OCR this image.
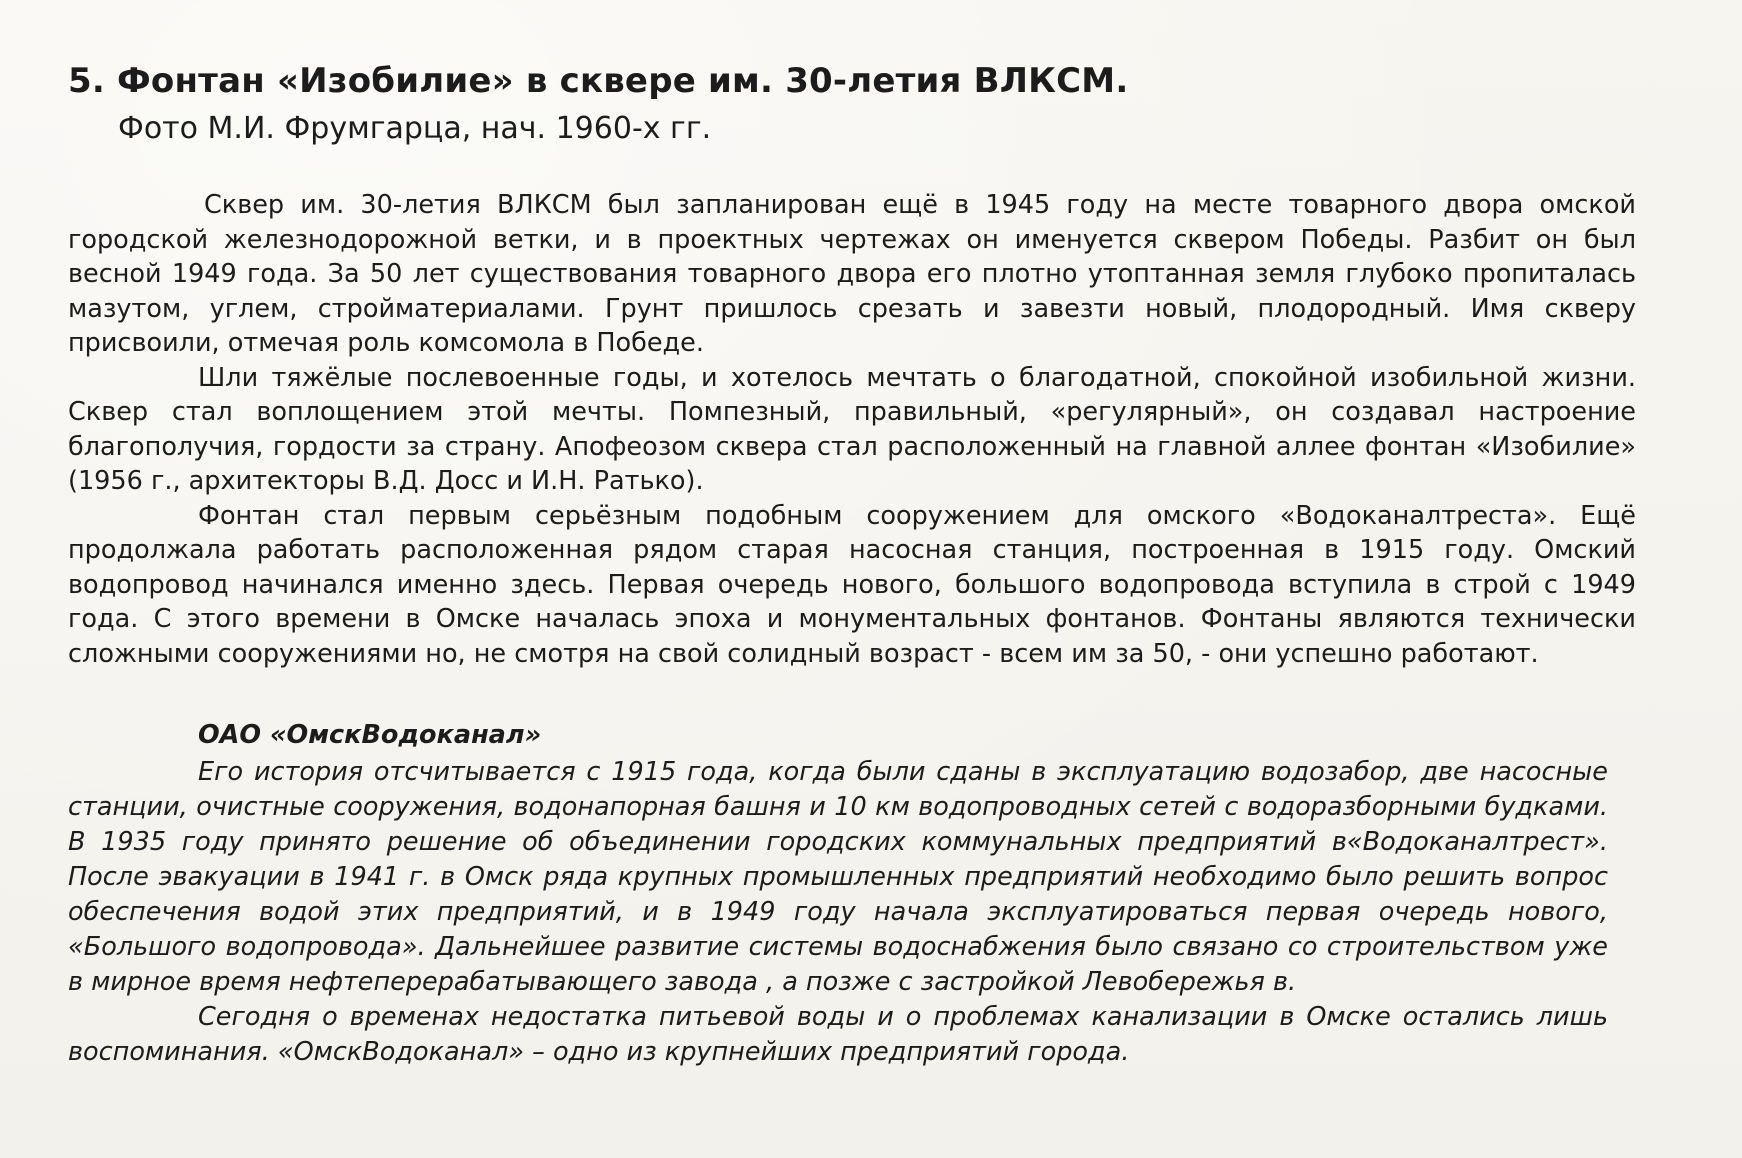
5. Фонтан «Изобилие» в сквере им. 30-летия ВЛКСМ.
Фото М.И. Фрумгарца, нач. 1960-х гг.

Сквер им. 30-летия ВЛКСМ был запланирован ещё в 1945 году на месте товарного двора омской городской железнодорожной ветки, и в проектных чертежах он именуется сквером Победы. Разбит он был весной 1949 года. За 50 лет существования товарного двора его плотно утоптанная земля глубоко пропиталась мазутом, углем, стройматериалами. Грунт пришлось срезать и завезти новый, плодородный. Имя скверу присвоили, отмечая роль комсомола в Победе.

Шли тяжёлые послевоенные годы, и хотелось мечтать о благодатной, спокойной изобильной жизни. Сквер стал воплощением этой мечты. Помпезный, правильный, «регулярный», он создавал настроение благополучия, гордости за страну. Апофеозом сквера стал расположенный на главной аллее фонтан «Изобилие» (1956 г., архитекторы В.Д. Досс и И.Н. Ратько).

Фонтан стал первым серьёзным подобным сооружением для омского «Водоканалтреста». Ещё продолжала работать расположенная рядом старая насосная станция, построенная в 1915 году. Омский водопровод начинался именно здесь. Первая очередь нового, большого водопровода вступила в строй с 1949 года. С этого времени в Омске началась эпоха и монументальных фонтанов. Фонтаны являются технически сложными сооружениями но, не смотря на свой солидный возраст - всем им за 50, - они успешно работают.

ОАО «ОмскВодоканал»

Его история отсчитывается с 1915 года, когда были сданы в эксплуатацию водозабор, две насосные станции, очистные сооружения, водонапорная башня и 10 км водопроводных сетей с водоразборными будками. В 1935 году принято решение об объединении городских коммунальных предприятий в«Водоканалтрест». После эвакуации в 1941 г. в Омск ряда крупных промышленных предприятий необходимо было решить вопрос обеспечения водой этих предприятий, и в 1949 году начала эксплуатироваться первая очередь нового, «Большого водопровода». Дальнейшее развитие системы водоснабжения было связано со строительством уже в мирное время нефтеперерабатывающего завода , а позже с застройкой Левобережья в.

Сегодня о временах недостатка питьевой воды и о проблемах канализации в Омске остались лишь воспоминания. «ОмскВодоканал» – одно из крупнейших предприятий города.
